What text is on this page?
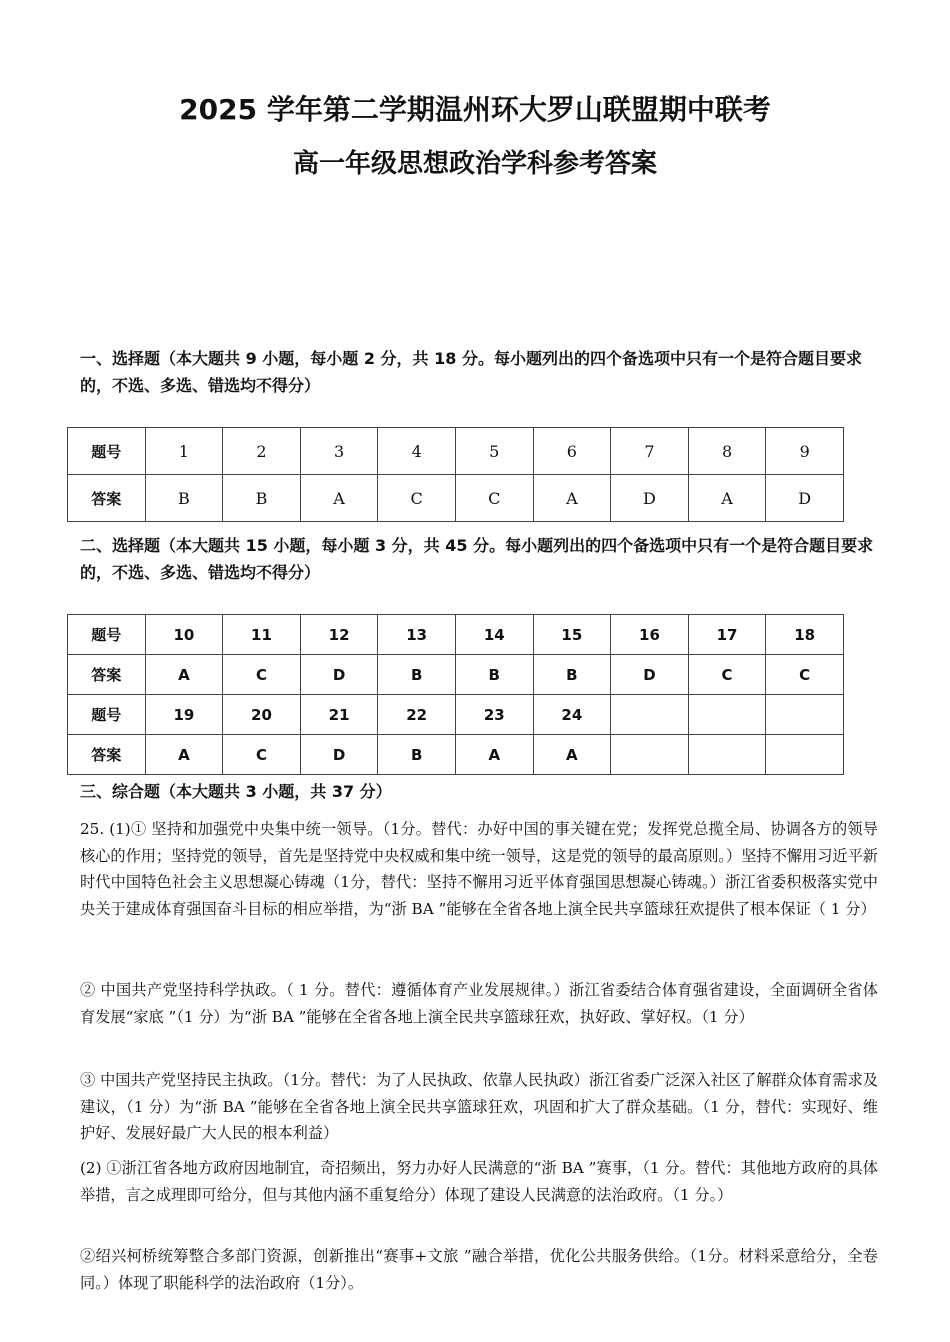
2025 学年第二学期温州环大罗山联盟期中联考
高一年级思想政治学科参考答案
一、选择题（本大题共 9 小题，每小题 2 分，共 18 分。每小题列出的四个备选项中只有一个是符合题目要求的，不选、多选、错选均不得分）
题号	1	2	3	4	5	6	7	8	9
答案	B	B	A	C	C	A	D	A	D
二、选择题（本大题共 15 小题，每小题 3 分，共 45 分。每小题列出的四个备选项中只有一个是符合题目要求的，不选、多选、错选均不得分）
题号	10	11	12	13	14	15	16	17	18
答案	A	C	D	B	B	B	D	C	C
题号	19	20	21	22	23	24			
答案	A	C	D	B	A	A			
三、综合题（本大题共 3 小题，共 37 分）
25. (1)① 坚持和加强党中央集中统一领导。（1分。替代：办好中国的事关键在党；发挥党总揽全局、协调各方的领导核心的作用；坚持党的领导，首先是坚持党中央权威和集中统一领导，这是党的领导的最高原则。）坚持不懈用习近平新时代中国特色社会主义思想凝心铸魂（1分，替代：坚持不懈用习近平体育强国思想凝心铸魂。）浙江省委积极落实党中央关于建成体育强国奋斗目标的相应举措，为“浙 BA ”能够在全省各地上演全民共享篮球狂欢提供了根本保证（ 1 分）
② 中国共产党坚持科学执政。（ 1 分。替代：遵循体育产业发展规律。）浙江省委结合体育强省建设，全面调研全省体育发展“家底 ”（1 分）为“浙 BA ”能够在全省各地上演全民共享篮球狂欢，执好政、掌好权。（1 分）
③ 中国共产党坚持民主执政。（1分。替代：为了人民执政、依靠人民执政）浙江省委广泛深入社区了解群众体育需求及建议，（1 分）为“浙 BA ”能够在全省各地上演全民共享篮球狂欢，巩固和扩大了群众基础。（1 分，替代：实现好、维护好、发展好最广大人民的根本利益）
(2) ①浙江省各地方政府因地制宜，奇招频出，努力办好人民满意的“浙 BA ”赛事，（1 分。替代：其他地方政府的具体举措，言之成理即可给分，但与其他内涵不重复给分）体现了建设人民满意的法治政府。（1 分。）
②绍兴柯桥统筹整合多部门资源，创新推出“赛事+文旅 ”融合举措，优化公共服务供给。（1分。材料采意给分，全卷同。）体现了职能科学的法治政府（1分）。
